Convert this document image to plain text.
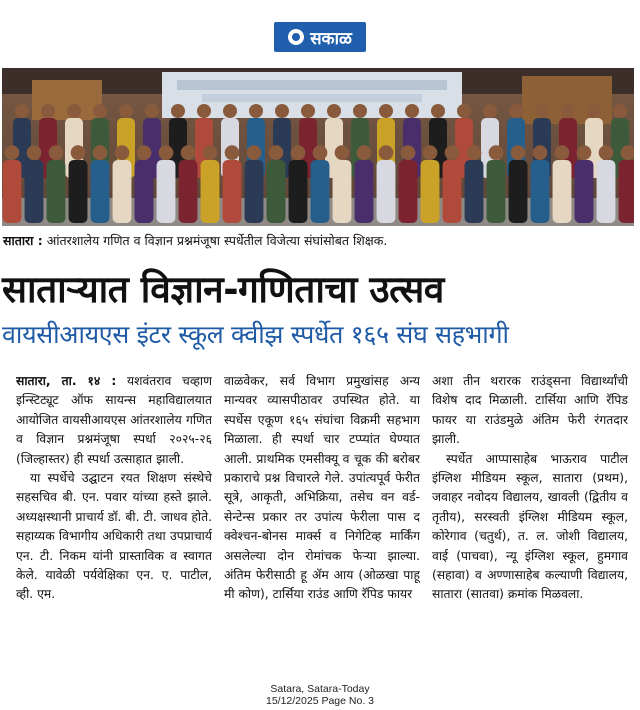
सकाळ
सातारा : आंतरशालेय गणित व विज्ञान प्रश्नमंजूषा स्पर्धेतील विजेत्या संघांसोबत शिक्षक.
साताऱ्यात विज्ञान-गणिताचा उत्सव
वायसीआयएस इंटर स्कूल क्वीझ स्पर्धेत १६५ संघ सहभागी

सातारा, ता. १४ : यशवंतराव चव्हाण इन्स्टिट्यूट ऑफ सायन्स महाविद्यालयात आयोजित वायसीआयएस आंतरशालेय गणित व विज्ञान प्रश्नमंजूषा स्पर्धा २०२५-२६ (जिल्हास्तर) ही स्पर्धा उत्साहात झाली.

या स्पर्धेचे उद्घाटन रयत शिक्षण संस्थेचे सहसचिव बी. एन. पवार यांच्या हस्ते झाले. अध्यक्षस्थानी प्राचार्य डॉ. बी. टी. जाधव होते. सहाय्यक विभागीय अधिकारी तथा उपप्राचार्य एन. टी. निकम यांनी प्रास्ताविक व स्वागत केले. यावेळी पर्यवेक्षिका एन. ए. पाटील, व्ही. एम.

वाळवेकर, सर्व विभाग प्रमुखांसह अन्य मान्यवर व्यासपीठावर उपस्थित होते. या स्पर्धेस एकूण १६५ संघांचा विक्रमी सहभाग मिळाला. ही स्पर्धा चार टप्प्यांत घेण्यात आली. प्राथमिक एमसीक्यू व चूक की बरोबर प्रकाराचे प्रश्न विचारले गेले. उपांत्यपूर्व फेरीत सूत्रे, आकृती, अभिक्रिया, तसेच वन वर्ड-सेन्टेन्स प्रकार तर उपांत्य फेरीला पास द क्वेश्चन-बोनस मार्क्स व निगेटिव्ह मार्किंग असलेल्या दोन रोमांचक फेऱ्या झाल्या. अंतिम फेरीसाठी हू ॲम आय (ओळखा पाहू मी कोण), टार्सिया राउंड आणि रॅपिड फायर

अशा तीन थरारक राउंड्सना विद्यार्थ्यांची विशेष दाद मिळाली. टार्सिया आणि रॅपिड फायर या राउंडमुळे अंतिम फेरी रंगतदार झाली.

स्पर्धेत आप्पासाहेब भाऊराव पाटील इंग्लिश मीडियम स्कूल, सातारा (प्रथम), जवाहर नवोदय विद्यालय, खावली (द्वितीय व तृतीय), सरस्वती इंग्लिश मीडियम स्कूल, कोरेगाव (चतुर्थ), त. ल. जोशी विद्यालय, वाई (पाचवा), न्यू इंग्लिश स्कूल, हुमगाव (सहावा) व अण्णासाहेब कल्याणी विद्यालय, सातारा (सातवा) क्रमांक मिळवला.

Satara, Satara-Today
15/12/2025 Page No. 3
